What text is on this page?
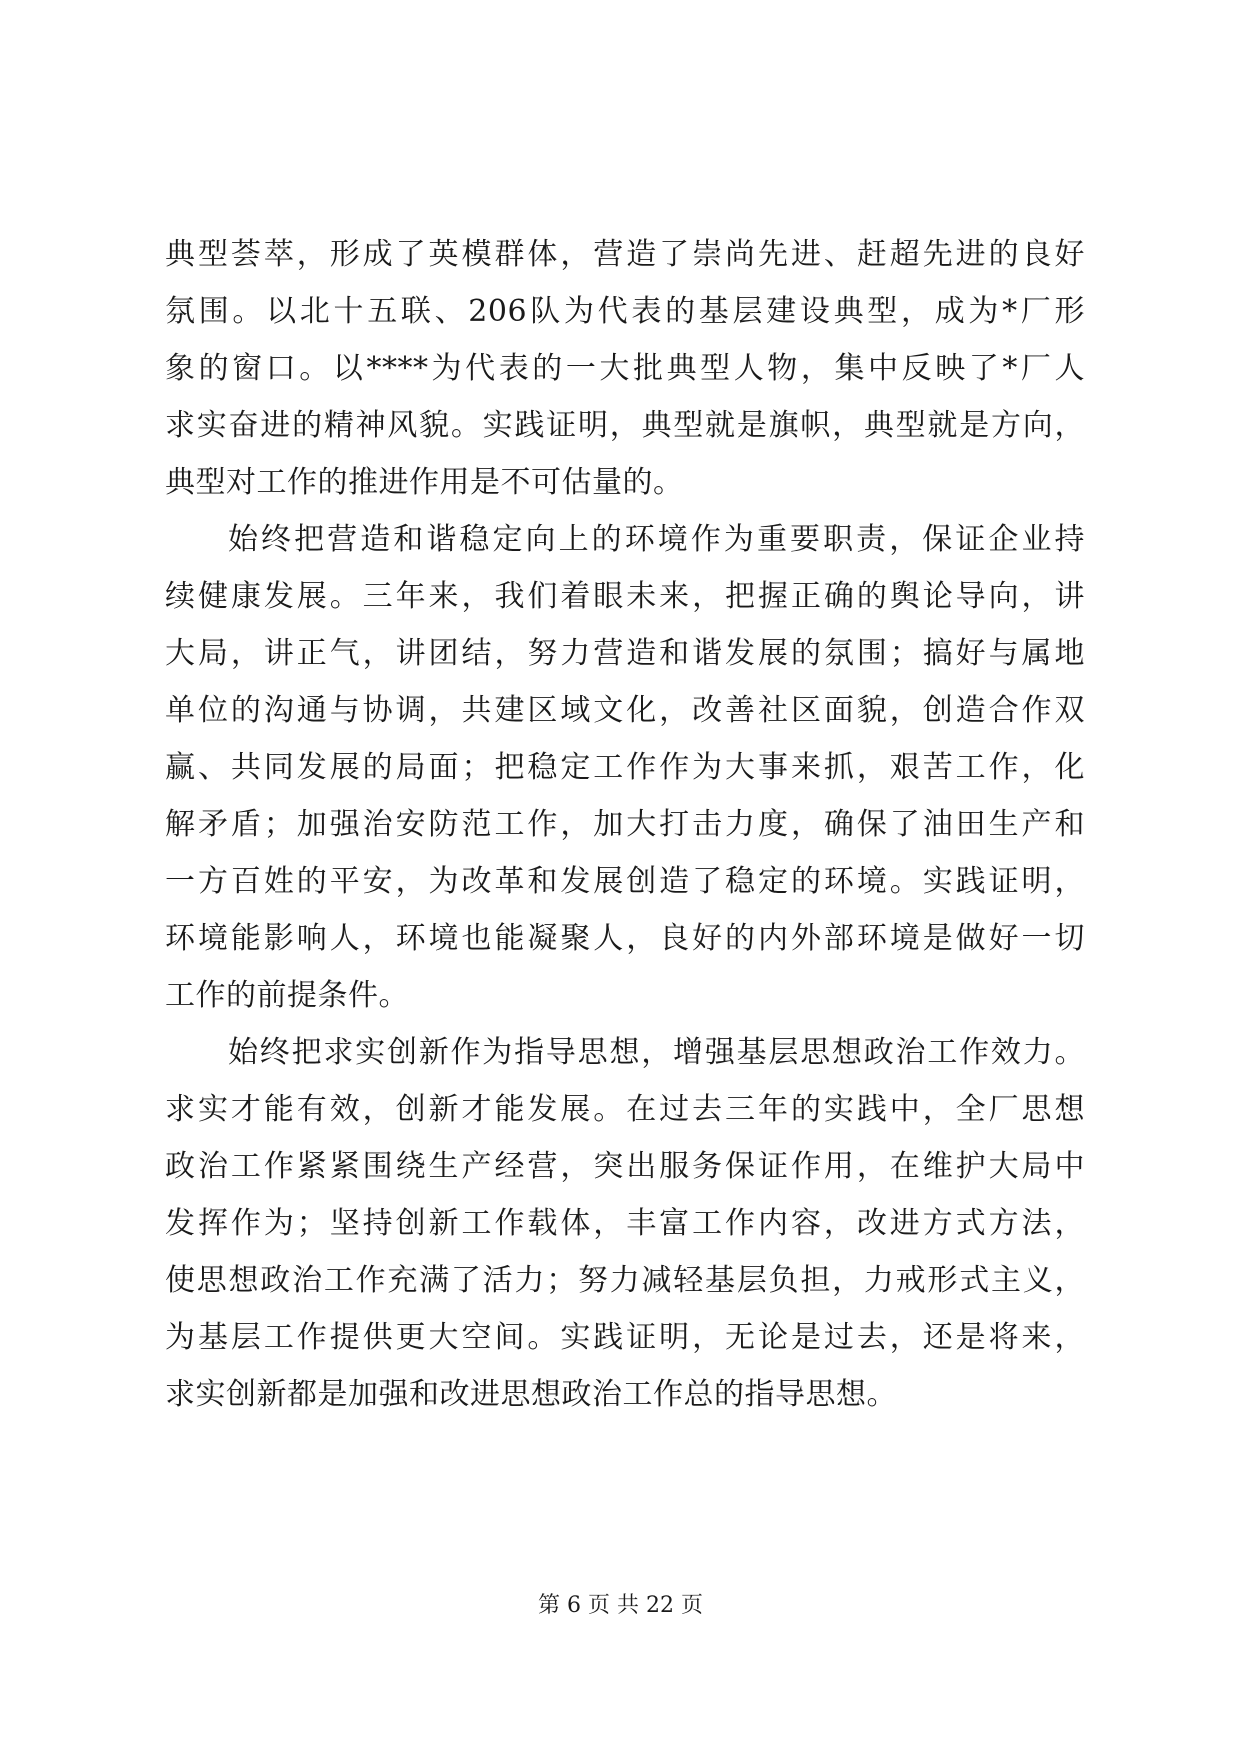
典型荟萃，形成了英模群体，营造了崇尚先进、赶超先进的良好
氛围。以北十五联、206队为代表的基层建设典型，成为*厂形
象的窗口。以****为代表的一大批典型人物，集中反映了*厂人
求实奋进的精神风貌。实践证明，典型就是旗帜，典型就是方向，
典型对工作的推进作用是不可估量的。
始终把营造和谐稳定向上的环境作为重要职责，保证企业持
续健康发展。三年来，我们着眼未来，把握正确的舆论导向，讲
大局，讲正气，讲团结，努力营造和谐发展的氛围；搞好与属地
单位的沟通与协调，共建区域文化，改善社区面貌，创造合作双
赢、共同发展的局面；把稳定工作作为大事来抓，艰苦工作，化
解矛盾；加强治安防范工作，加大打击力度，确保了油田生产和
一方百姓的平安，为改革和发展创造了稳定的环境。实践证明，
环境能影响人，环境也能凝聚人，良好的内外部环境是做好一切
工作的前提条件。
始终把求实创新作为指导思想，增强基层思想政治工作效力。
求实才能有效，创新才能发展。在过去三年的实践中，全厂思想
政治工作紧紧围绕生产经营，突出服务保证作用，在维护大局中
发挥作为；坚持创新工作载体，丰富工作内容，改进方式方法，
使思想政治工作充满了活力；努力减轻基层负担，力戒形式主义，
为基层工作提供更大空间。实践证明，无论是过去，还是将来，
求实创新都是加强和改进思想政治工作总的指导思想。
第 6 页 共 22 页
